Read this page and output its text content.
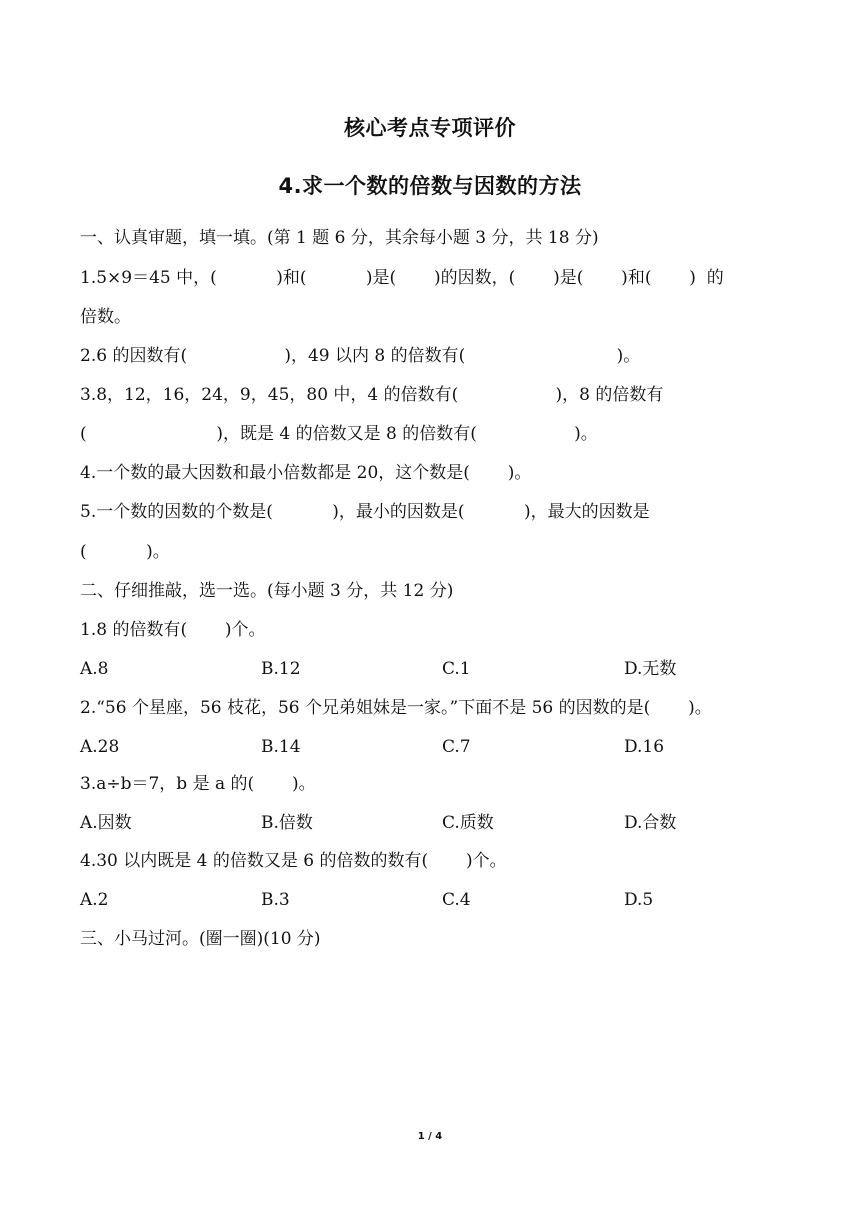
核心考点专项评价
4.求一个数的倍数与因数的方法
一、认真审题，填一填。(第 1 题 6 分，其余每小题 3 分，共 18 分)
1.5×9＝45 中，(           )和(           )是(       )的因数，(       )是(       )和(       )  的
倍数。
2.6 的因数有(                  )，49 以内 8 的倍数有(                            )。
3.8，12，16，24，9，45，80 中，4 的倍数有(                  )，8 的倍数有
(                        )，既是 4 的倍数又是 8 的倍数有(                  )。
4.一个数的最大因数和最小倍数都是 20，这个数是(       )。
5.一个数的因数的个数是(           )，最小的因数是(           )，最大的因数是
(           )。
二、仔细推敲，选一选。(每小题 3 分，共 12 分)
1.8 的倍数有(       )个。
A.8	B.12	C.1	D.无数
2.“56 个星座，56 枝花，56 个兄弟姐妹是一家。”下面不是 56 的因数的是(       )。
A.28	B.14	C.7	D.16
3.a÷b＝7，b 是 a 的(       )。
A.因数	B.倍数	C.质数	D.合数
4.30 以内既是 4 的倍数又是 6 的倍数的数有(       )个。
A.2	B.3	C.4	D.5
三、小马过河。(圈一圈)(10 分)
1 / 4
